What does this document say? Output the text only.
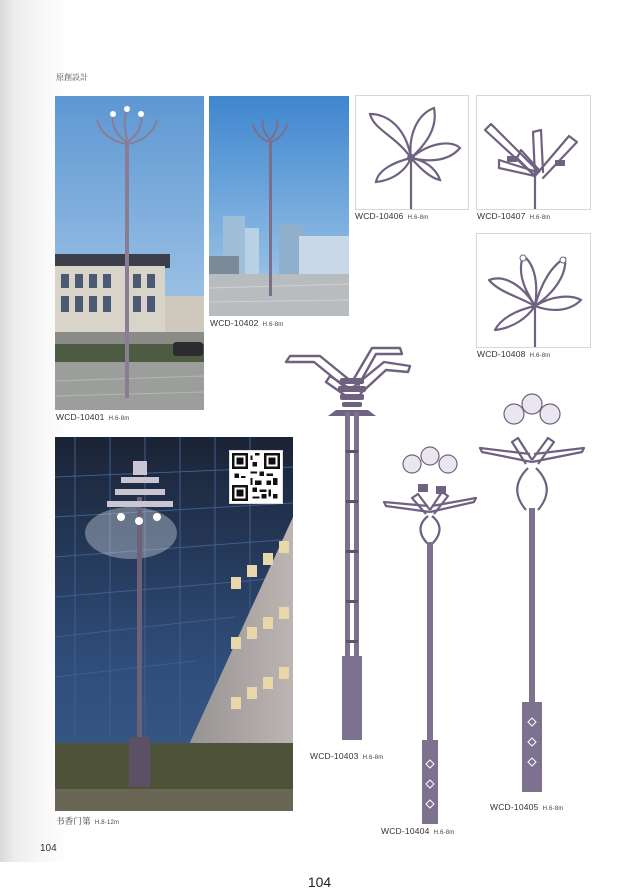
原創設計
WCD-10401 H.6-8m
WCD-10402 H.6-8m
WCD-10406 H.6-8m	WCD-10407 H.6-8m
WCD-10408 H.6-8m
书香门第 H.8-12m
WCD-10403 H.6-8m
WCD-10404 H.6-8m
WCD-10405 H.6-8m
104
104
